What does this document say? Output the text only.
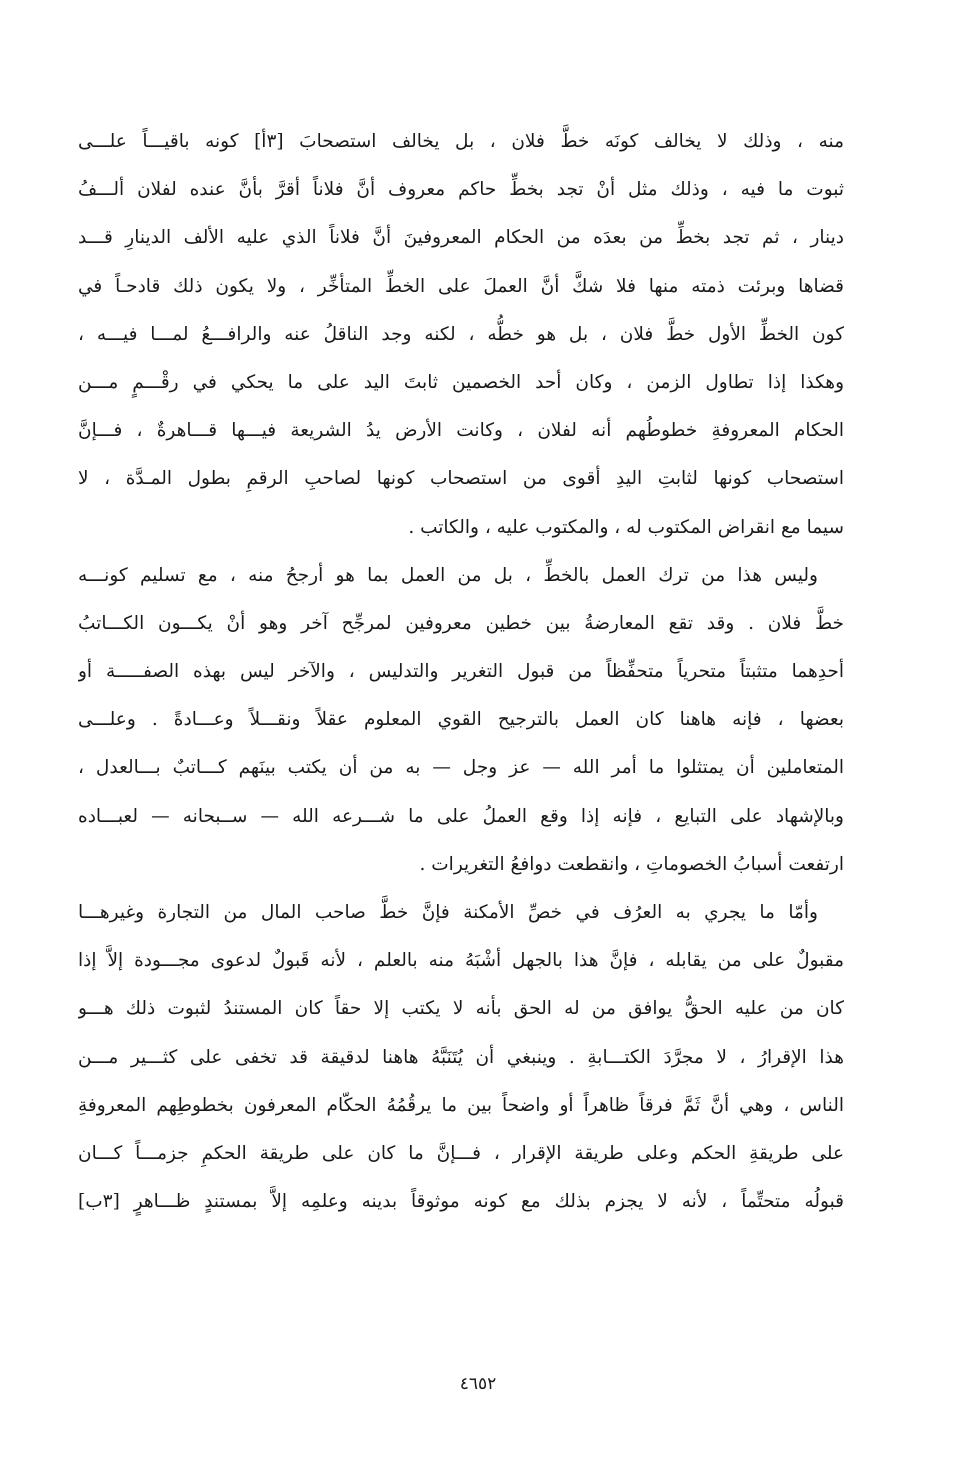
منه ، وذلك لا يخالف كونَه خطَّ فلان ، بل يخالف استصحابَ [٣أ] كونه باقيـــاً علـــى
ثبوت ما فيه ، وذلك مثل أنْ تجد بخطِّ حاكم معروف أنَّ فلاناً أقرَّ بأنَّ عنده لفلان ألـــفُ
دينار ، ثم تجد بخطِّ من بعدَه من الحكام المعروفينَ أنَّ فلاناً الذي عليه الألف الدينارِ قـــد
قضاها وبرئت ذمته منها فلا شكَّ أنَّ العملَ على الخطِّ المتأخِّر ، ولا يكون ذلك قادحـاً في
كون الخطِّ الأول خطَّ فلان ، بل هو خطُّه ، لكنه وجد الناقلُ عنه والرافـــعُ لمـــا فيـــه ،
وهكذا إذا تطاول الزمن ، وكان أحد الخصمين ثابتَ اليد على ما يحكي في رقْـــمٍ مـــن
الحكام المعروفةِ خطوطُهم أنه لفلان ، وكانت الأرض يدُ الشريعة فيـــها قـــاهرةٌ ، فـــإنَّ
استصحاب كونها لثابتِ اليدِ أقوى من استصحاب كونها لصاحبِ الرقمِ بطول المـدَّة ، لا
سيما مع انقراض المكتوب له ، والمكتوب عليه ، والكاتب .
وليس هذا من ترك العمل بالخطِّ ، بل من العمل بما هو أرجحُ منه ، مع تسليم كونـــه
خطَّ فلان . وقد تقع المعارضةُ بين خطين معروفين لمرجِّح آخر وهو أنْ يكـــون الكـــاتبُ
أحدِهما متثبتاً متحرياً متحفِّظاً من قبول التغرير والتدليس ، والآخر ليس بهذه الصفـــــة أو
بعضها ، فإنه هاهنا كان العمل بالترجيح القوي المعلوم عقلاً ونقـــلاً وعـــادةً . وعلـــى
المتعاملين أن يمتثلوا ما أمر الله — عز وجل — به من أن يكتب بينَهم كـــاتبٌ بـــالعدل ،
وبالإشهاد على التبايع ، فإنه إذا وقع العملُ على ما شـــرعه الله — ســبحانه — لعبـــاده
ارتفعت أسبابُ الخصوماتِ ، وانقطعت دوافعُ التغريرات .
وأمّا ما يجري به العرُف في خصِّ الأمكنة فإنَّ خطَّ صاحب المال من التجارة وغيرهـــا
مقبولٌ على من يقابله ، فإنَّ هذا بالجهل أشْبَهُ منه بالعلم ، لأنه قَبولٌ لدعوى مجـــودة إلاَّ إذا
كان من عليه الحقُّ يوافق من له الحق بأنه لا يكتب إلا حقاً كان المستندُ لثبوت ذلك هـــو
هذا الإقرارُ ، لا مجرَّدَ الكتـــابةِ . وينبغي أن يُتَنَبَّهُ هاهنا لدقيقة قد تخفى على كثـــير مـــن
الناس ، وهي أنَّ ثَمَّ فرقاً ظاهراً أو واضحاً بين ما يرقُمُهُ الحكّام المعرفون بخطوطِهم المعروفةِ
على طريقةِ الحكم وعلى طريقة الإقرار ، فـــإنَّ ما كان على طريقة الحكمِ جزمـــاً كـــان
قبولُه متحتِّماً ، لأنه لا يجزم بذلك مع كونه موثوقاً بدينه وعلمِه إلاَّ بمستندٍ ظـــاهرٍ [٣ب]
٤٦٥٢
